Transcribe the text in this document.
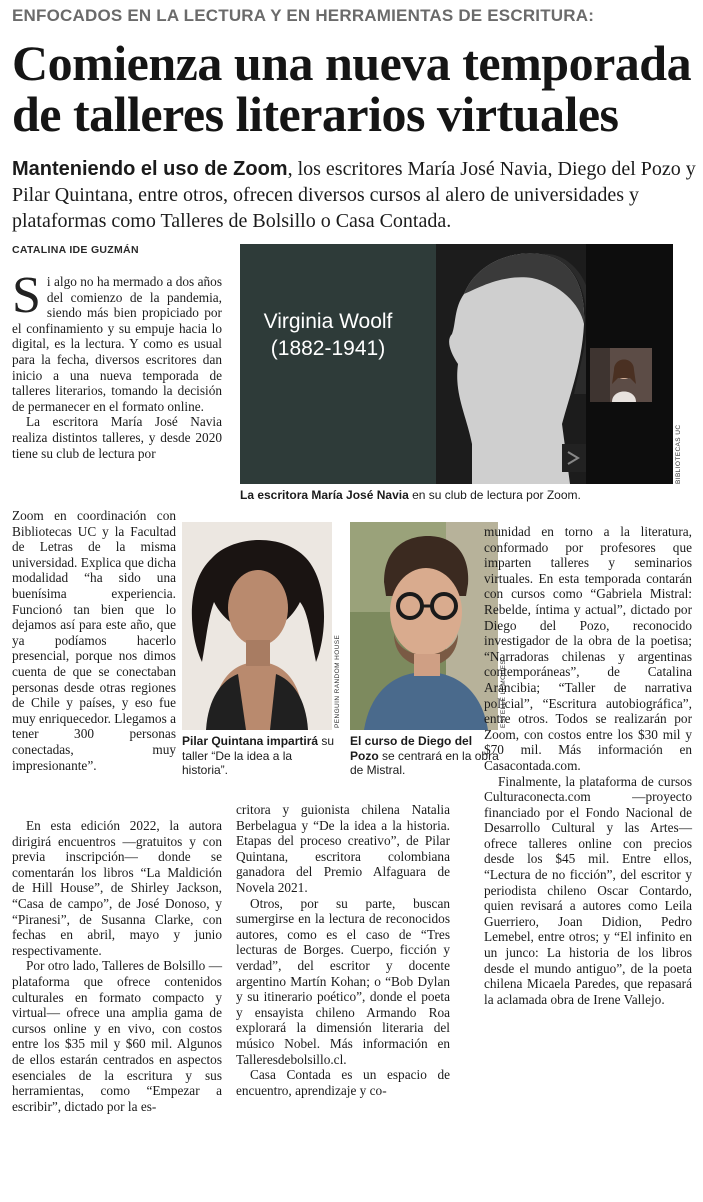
ENFOCADOS EN LA LECTURA Y EN HERRAMIENTAS DE ESCRITURA:
Comienza una nueva temporada
de talleres literarios virtuales
Manteniendo el uso de Zoom, los escritores María José Navia, Diego del Pozo y Pilar Quintana, entre otros, ofrecen diversos cursos al alero de universidades y plataformas como Talleres de Bolsillo o Casa Contada.
CATALINA IDE GUZMÁN
Virginia Woolf
(1882-1941)
BIBLIOTECAS UC
La escritora María José Navia en su club de lectura por Zoom.
PENGUIN RANDOM HOUSE
Pilar Quintana impartirá su taller “De la idea a la historia”.
ESTELLE LEMOUES
El curso de Diego del Pozo se centrará en la obra de Mistral.

Si algo no ha mermado a dos años del comienzo de la pandemia, siendo más bien propiciado por el confinamiento y su empuje hacia lo digital, es la lectura. Y como es usual para la fecha, diversos escritores dan inicio a una nueva temporada de talleres literarios, tomando la decisión de permanecer en el formato online.

La escritora María José Navia realiza distintos talleres, y desde 2020 tiene su club de lectura por

Zoom en coordinación con Bibliotecas UC y la Facultad de Letras de la misma universidad. Explica que dicha modalidad “ha sido una buenísima experiencia. Funcionó tan bien que lo dejamos así para este año, que ya podíamos hacerlo presencial, porque nos dimos cuenta de que se conectaban personas desde otras regiones de Chile y países, y eso fue muy enriquecedor. Llegamos a tener 300 personas conectadas, muy impresionante”.

En esta edición 2022, la autora dirigirá encuentros —gratuitos y con previa inscripción— donde se comentarán los libros “La Maldición de Hill House”, de Shirley Jackson, “Casa de campo”, de José Donoso, y “Piranesi”, de Susanna Clarke, con fechas en abril, mayo y junio respectivamente.

Por otro lado, Talleres de Bolsillo —plataforma que ofrece contenidos culturales en formato compacto y virtual— ofrece una amplia gama de cursos online y en vivo, con costos entre los $35 mil y $60 mil. Algunos de ellos estarán centrados en aspectos esenciales de la escritura y sus herramientas, como “Empezar a escribir”, dictado por la es-

critora y guionista chilena Natalia Berbelagua y “De la idea a la historia. Etapas del proceso creativo”, de Pilar Quintana, escritora colombiana ganadora del Premio Alfaguara de Novela 2021.

Otros, por su parte, buscan sumergirse en la lectura de reconocidos autores, como es el caso de “Tres lecturas de Borges. Cuerpo, ficción y verdad”, del escritor y docente argentino Martín Kohan; o “Bob Dylan y su itinerario poético”, donde el poeta y ensayista chileno Armando Roa explorará la dimensión literaria del músico Nobel. Más información en Talleresdebolsillo.cl.

Casa Contada es un espacio de encuentro, aprendizaje y co-

munidad en torno a la literatura, conformado por profesores que imparten talleres y seminarios virtuales. En esta temporada contarán con cursos como “Gabriela Mistral: Rebelde, íntima y actual”, dictado por Diego del Pozo, reconocido investigador de la obra de la poetisa; “Narradoras chilenas y argentinas contemporáneas”, de Catalina Arancibia; “Taller de narrativa policial”, “Escritura autobiográfica”, entre otros. Todos se realizarán por Zoom, con costos entre los $30 mil y $70 mil. Más información en Casacontada.com.

Finalmente, la plataforma de cursos Culturaconecta.com —proyecto financiado por el Fondo Nacional de Desarrollo Cultural y las Artes— ofrece talleres online con precios desde los $45 mil. Entre ellos, “Lectura de no ficción”, del escritor y periodista chileno Oscar Contardo, quien revisará a autores como Leila Guerriero, Joan Didion, Pedro Lemebel, entre otros; y “El infinito en un junco: La historia de los libros desde el mundo antiguo”, de la poeta chilena Micaela Paredes, que repasará la aclamada obra de Irene Vallejo.
